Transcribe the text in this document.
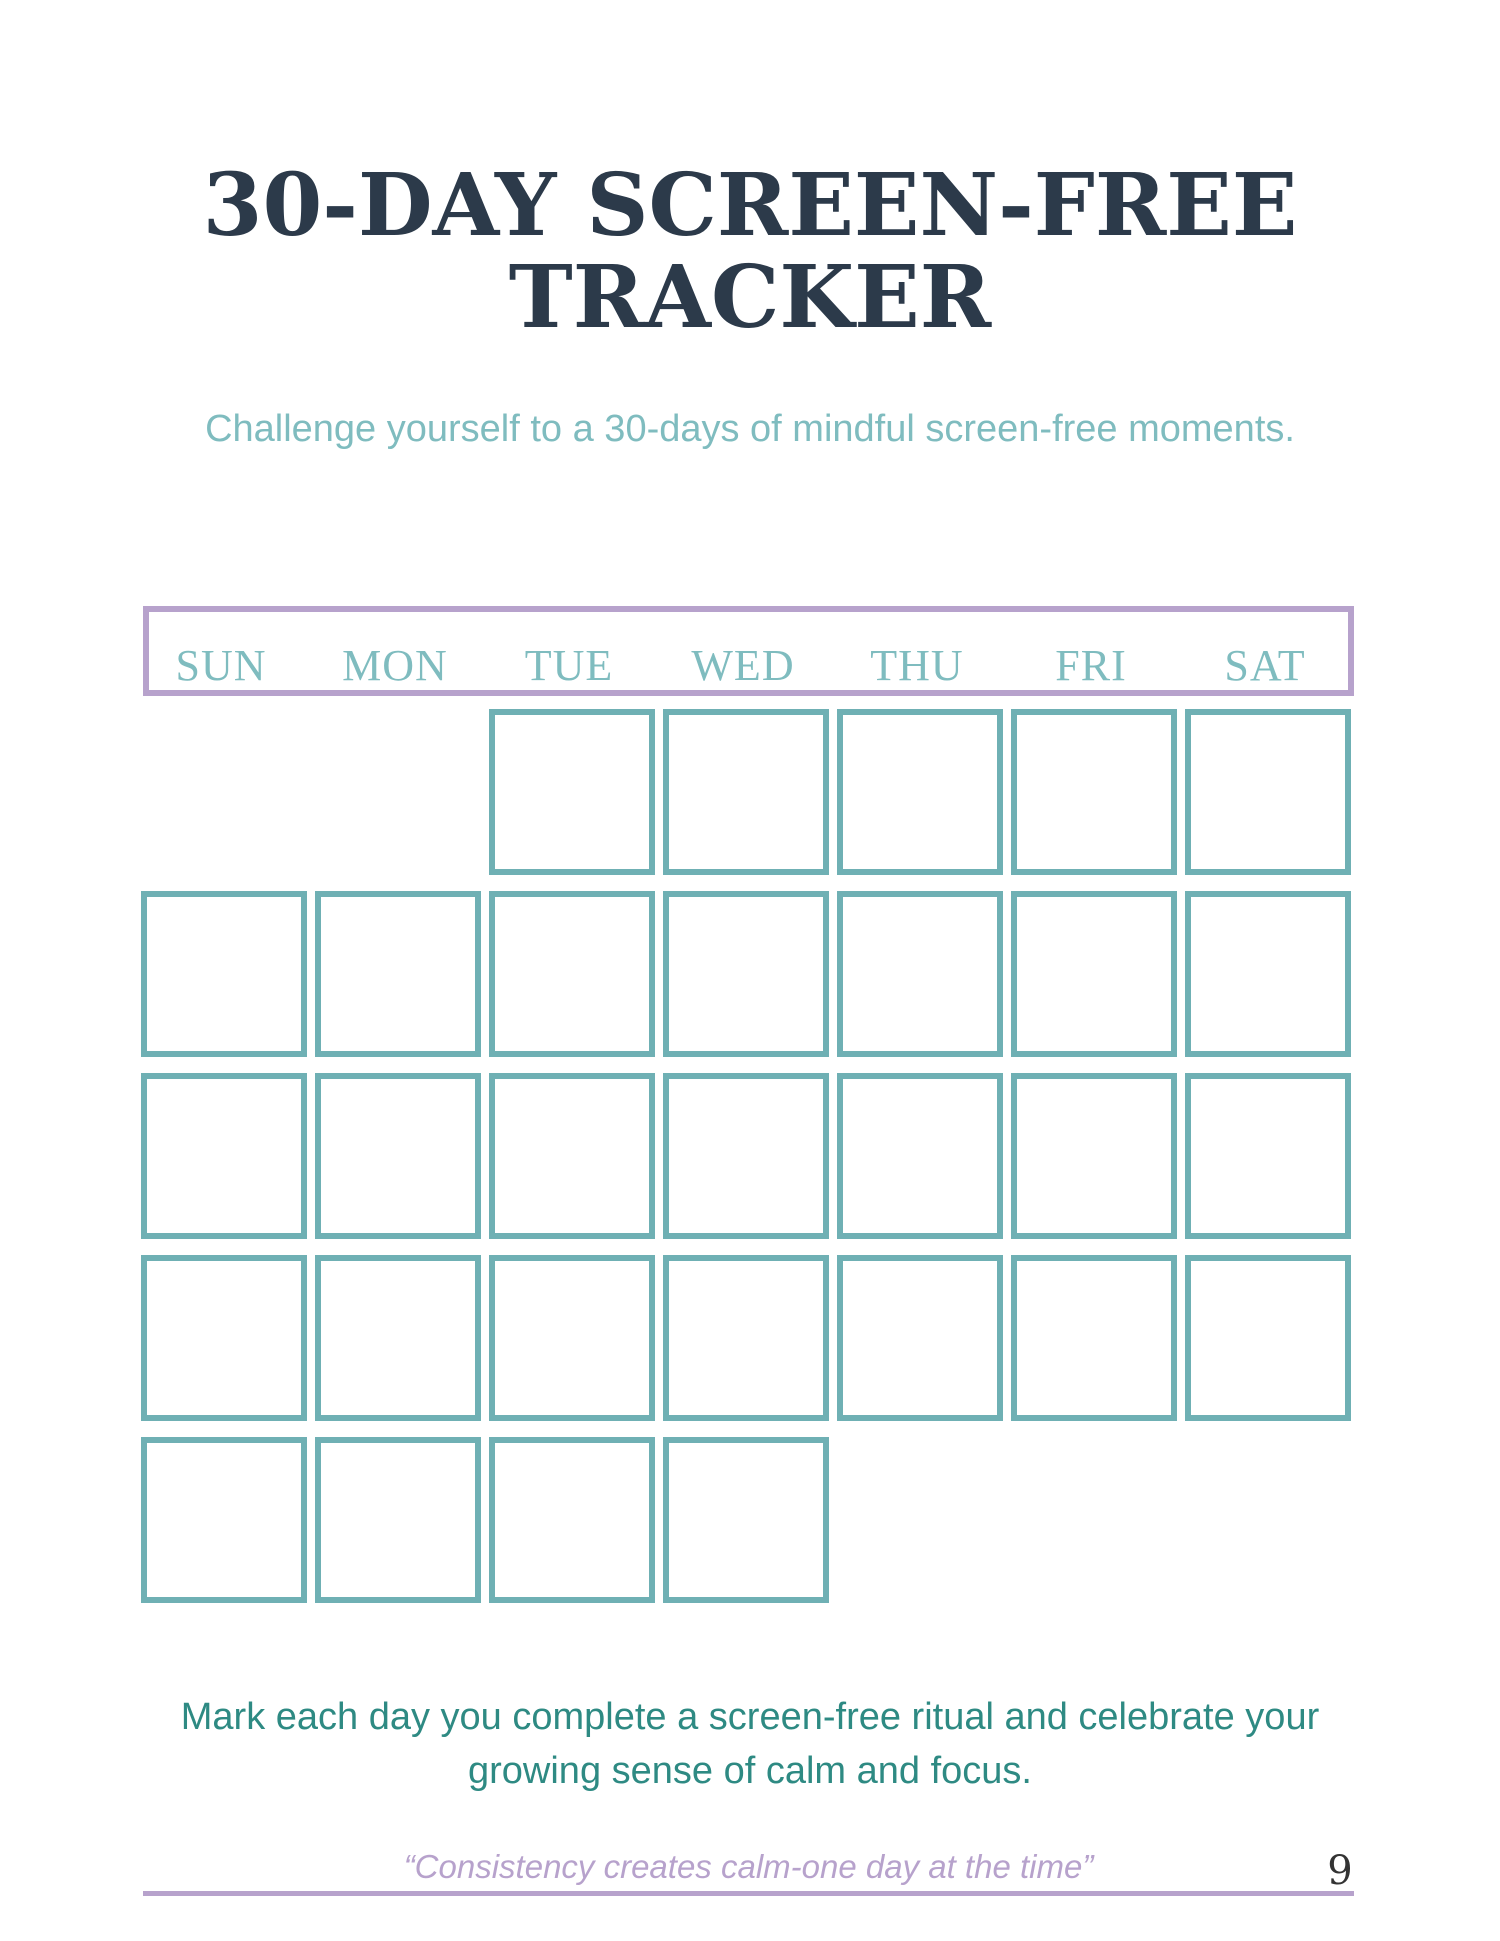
30-DAY SCREEN-FREE
TRACKER
Challenge yourself to a 30-days of mindful screen-free moments.
SUN	MON	TUE	WED	THU	FRI	SAT
Mark each day you complete a screen-free ritual and celebrate your growing sense of calm and focus.
“Consistency creates calm-one day at the time”	9
